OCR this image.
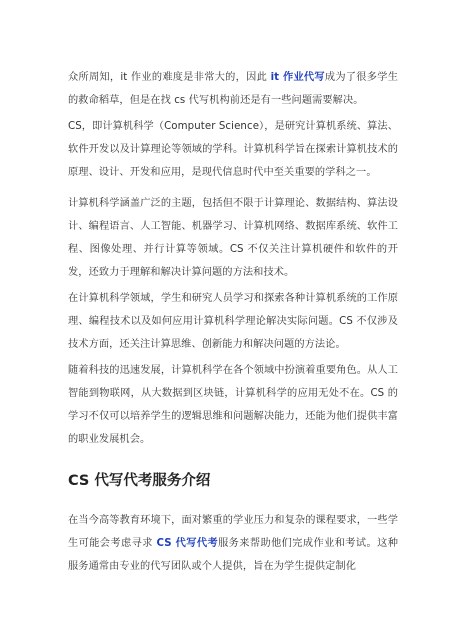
众所周知，it 作业的难度是非常大的，因此 it 作业代写成为了很多学生的救命稻草，但是在找 cs 代写机构前还是有一些问题需要解决。

CS，即计算机科学（Computer Science），是研究计算机系统、算法、软件开发以及计算理论等领域的学科。计算机科学旨在探索计算机技术的原理、设计、开发和应用，是现代信息时代中至关重要的学科之一。

计算机科学涵盖广泛的主题，包括但不限于计算理论、数据结构、算法设计、编程语言、人工智能、机器学习、计算机网络、数据库系统、软件工程、图像处理、并行计算等领域。CS 不仅关注计算机硬件和软件的开发，还致力于理解和解决计算问题的方法和技术。

在计算机科学领域，学生和研究人员学习和探索各种计算机系统的工作原理、编程技术以及如何应用计算机科学理论解决实际问题。CS 不仅涉及技术方面，还关注计算思维、创新能力和解决问题的方法论。

随着科技的迅速发展，计算机科学在各个领域中扮演着重要角色。从人工智能到物联网，从大数据到区块链，计算机科学的应用无处不在。CS 的学习不仅可以培养学生的逻辑思维和问题解决能力，还能为他们提供丰富的职业发展机会。

CS 代写代考服务介绍

在当今高等教育环境下，面对繁重的学业压力和复杂的课程要求，一些学生可能会考虑寻求 CS 代写代考服务来帮助他们完成作业和考试。这种服务通常由专业的代写团队或个人提供，旨在为学生提供定制化
